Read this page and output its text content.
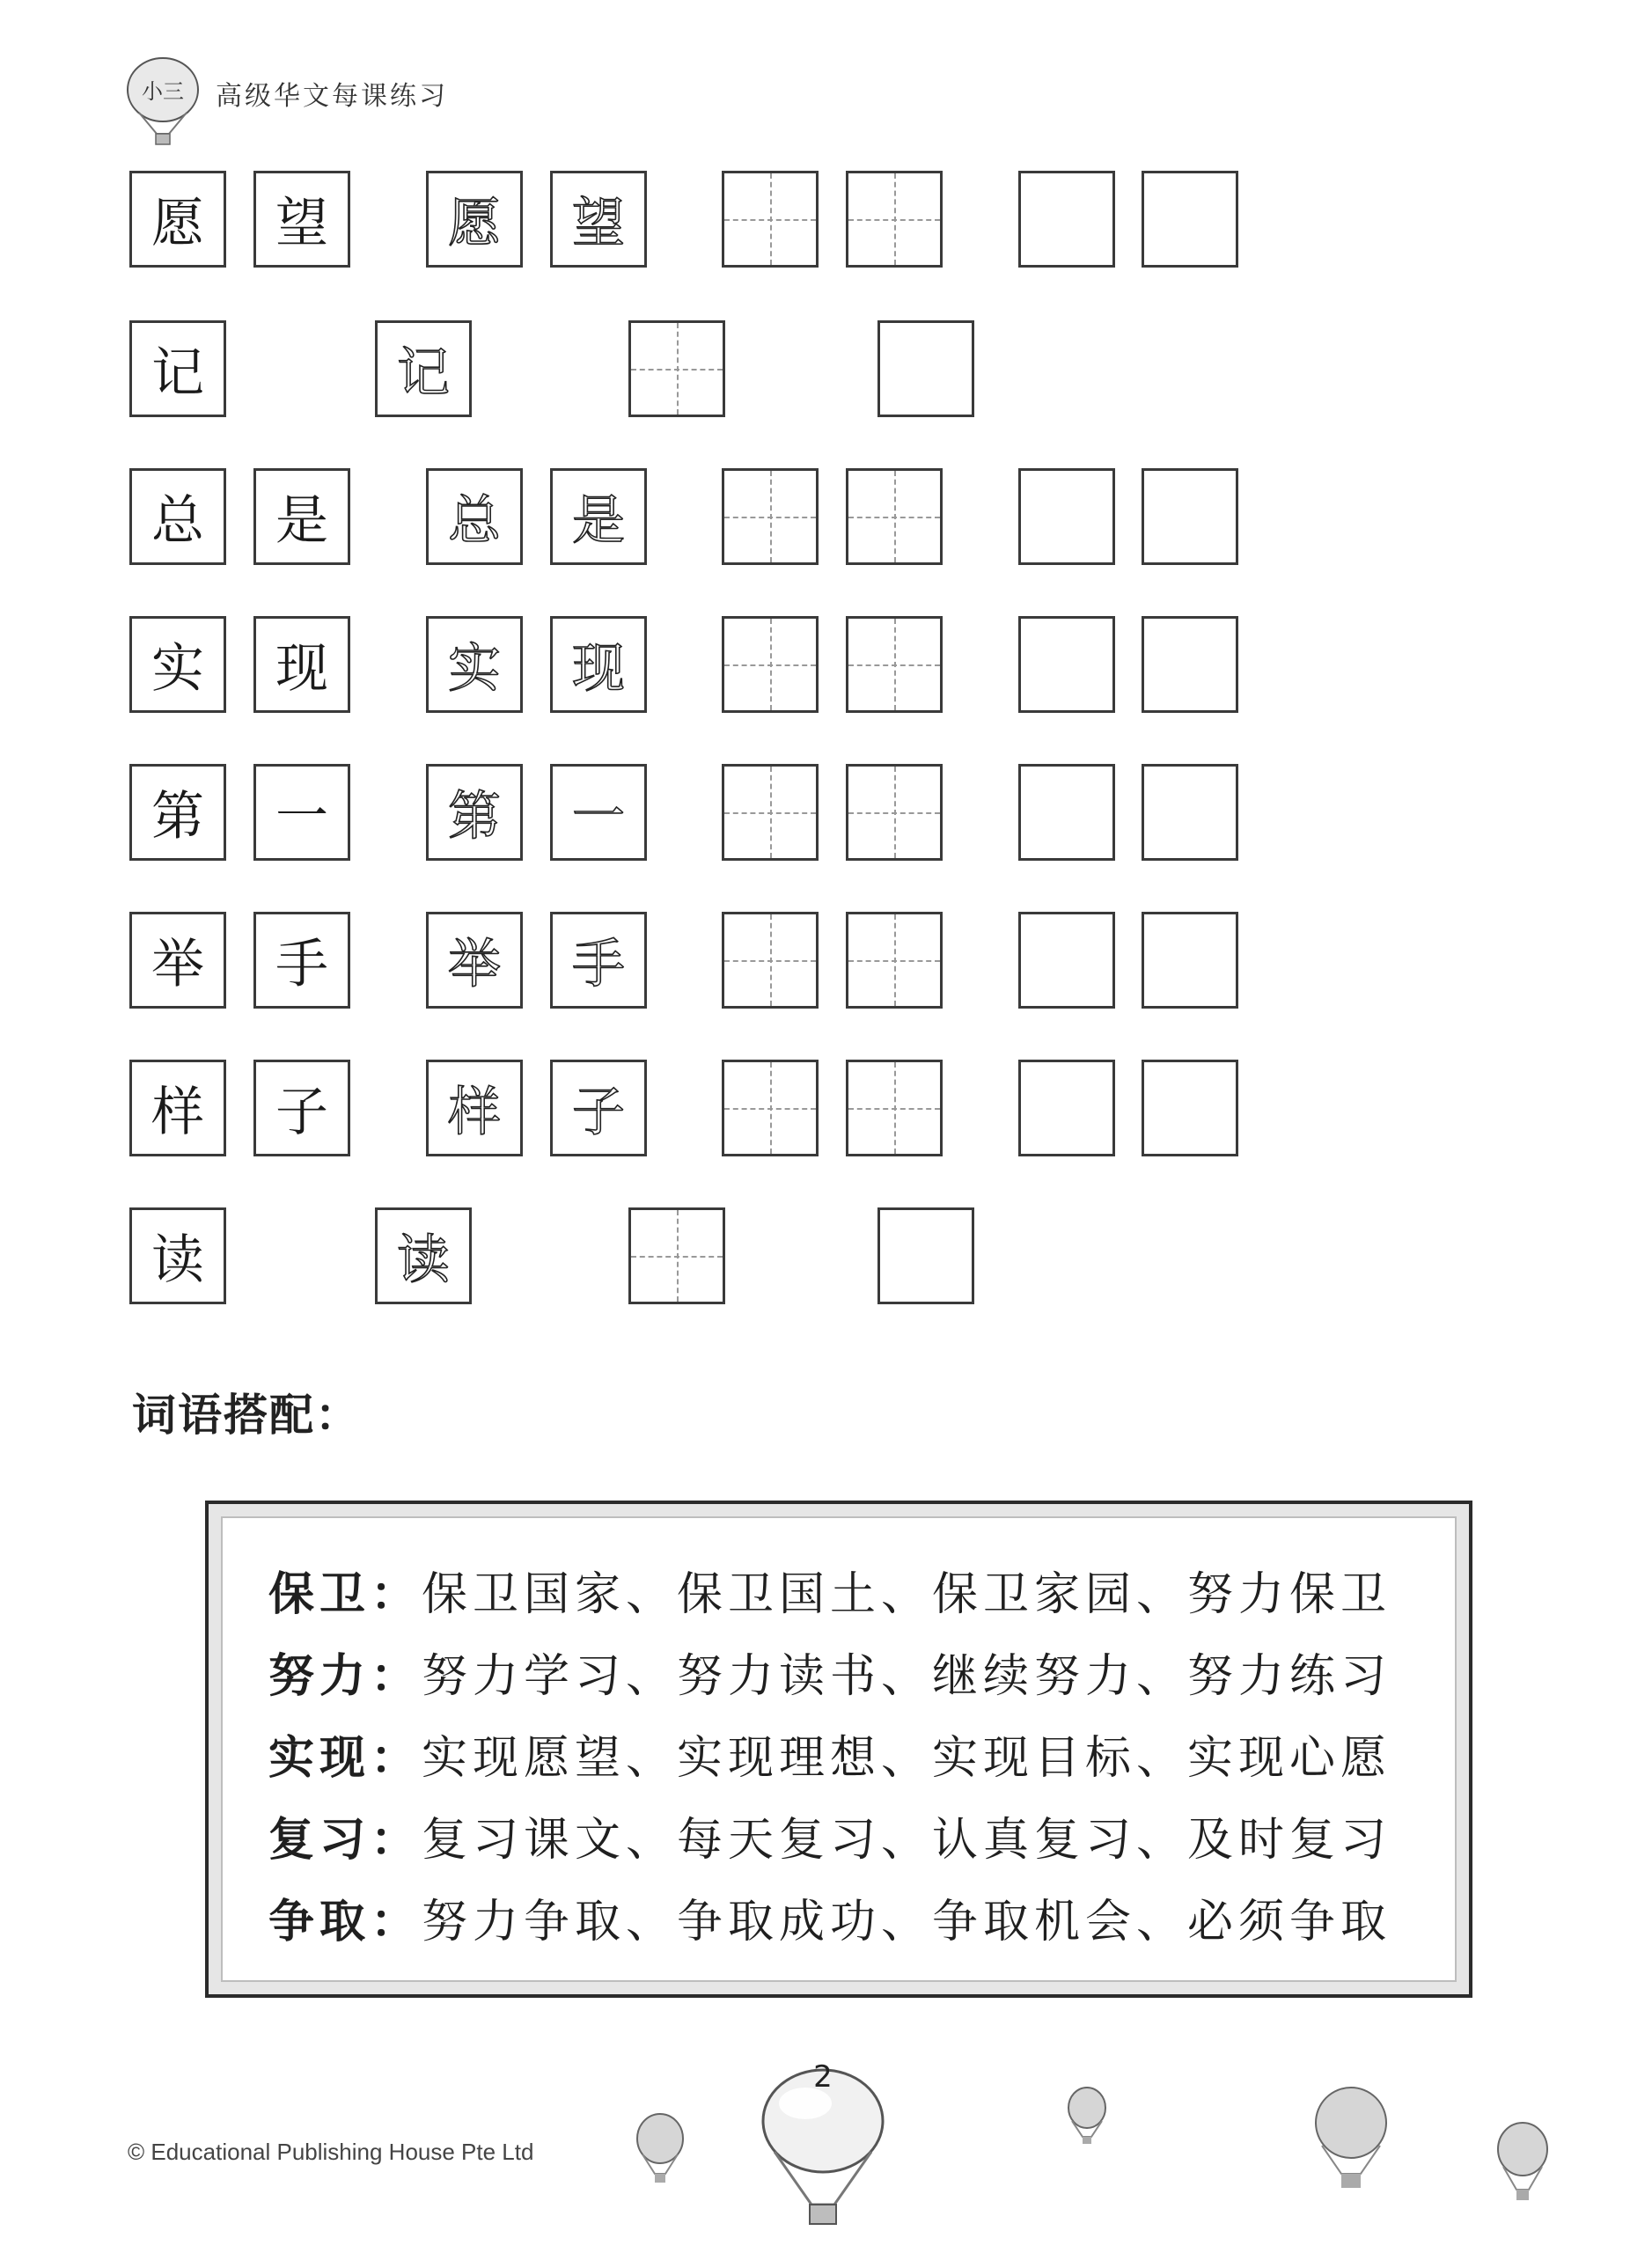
小三 高级华文每课练习
愿	望	愿	望
记	记
总	是	总	是
实	现	实	现
第	一	第	一
举	手	举	手
样	子	样	子
读	读
词语搭配：
保卫：保卫国家、保卫国土、保卫家园、努力保卫
努力：努力学习、努力读书、继续努力、努力练习
实现：实现愿望、实现理想、实现目标、实现心愿
复习：复习课文、每天复习、认真复习、及时复习
争取：努力争取、争取成功、争取机会、必须争取
© Educational Publishing House Pte Ltd
2
